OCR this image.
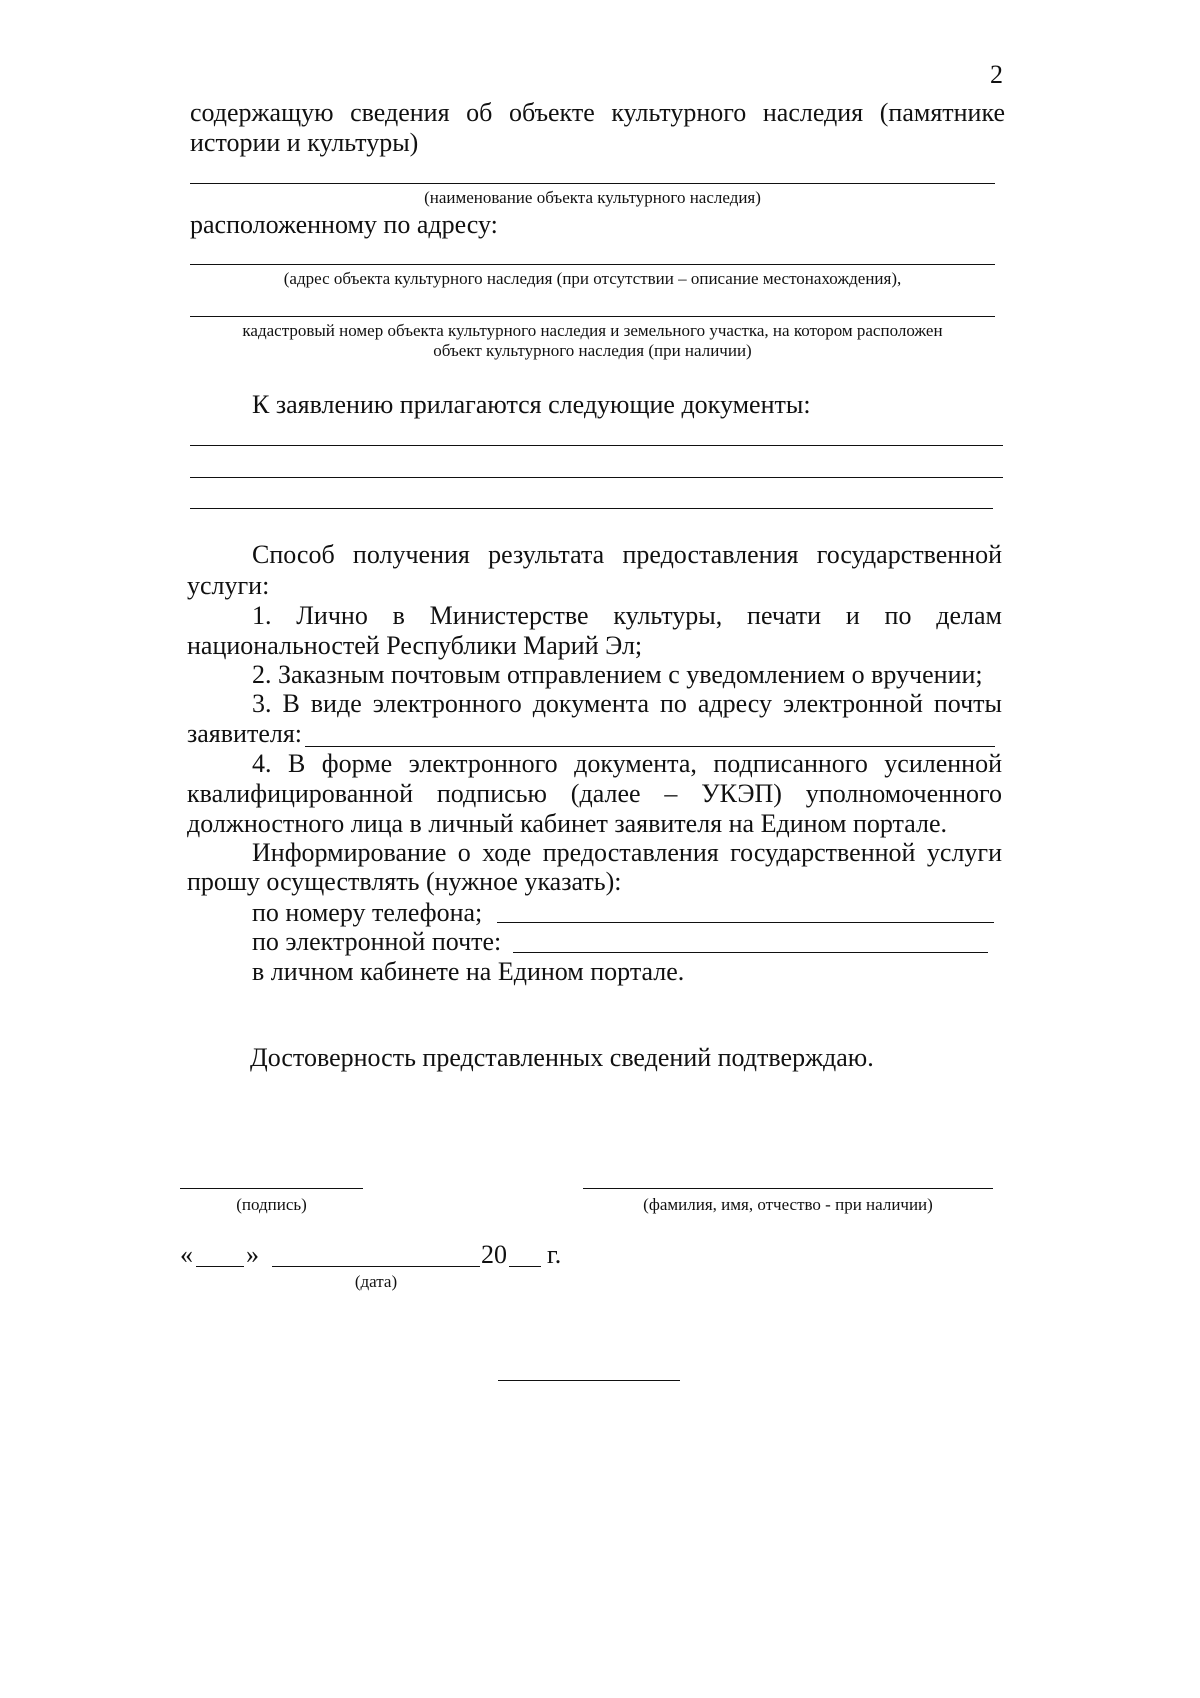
2
содержащую сведения об объекте культурного наследия (памятнике
истории и культуры)
(наименование объекта культурного наследия)
расположенному по адресу:
(адрес объекта культурного наследия (при отсутствии – описание местонахождения),
кадастровый номер объекта культурного наследия и земельного участка, на котором расположен
объект культурного наследия (при наличии)
К заявлению прилагаются следующие документы:
Способ получения результата предоставления государственной
услуги:
1. Лично в Министерстве культуры, печати и по делам
национальностей Республики Марий Эл;
2. Заказным почтовым отправлением с уведомлением о вручении;
3. В виде электронного документа по адресу электронной почты
заявителя:
4. В форме электронного документа, подписанного усиленной
квалифицированной подписью (далее – УКЭП) уполномоченного
должностного лица в личный кабинет заявителя на Едином портале.
Информирование о ходе предоставления государственной услуги
прошу осуществлять (нужное указать):
по номеру телефона;
по электронной почте:
в личном кабинете на Едином портале.
Достоверность представленных сведений подтверждаю.
(подпись)	(фамилия, имя, отчество - при наличии)
« »	20 г.
(дата)
